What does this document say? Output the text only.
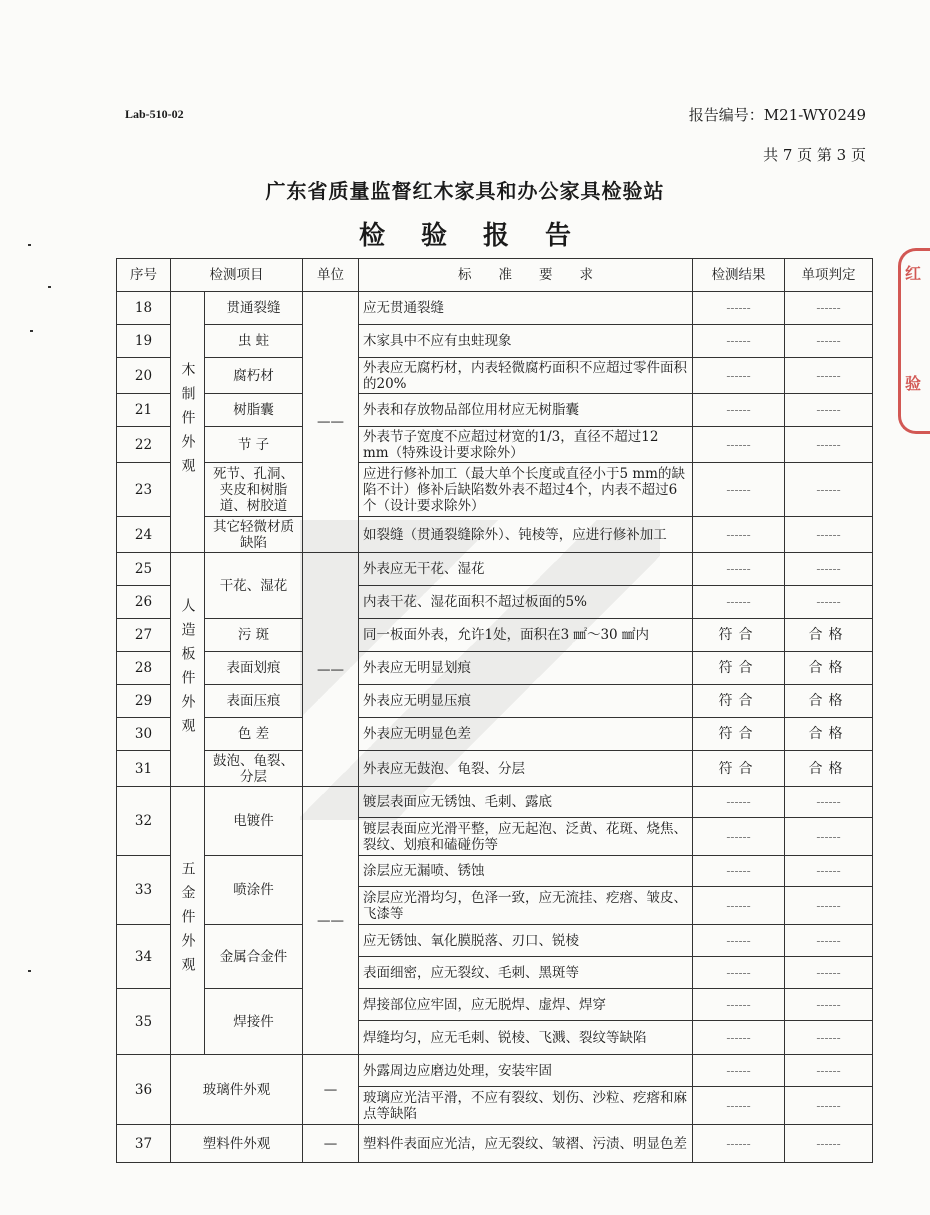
Lab-510-02	报告编号：M21-WY0249
共 7 页 第 3 页
广东省质量监督红木家具和办公家具检验站
检 验 报 告
红
验
序号	检测项目		单位	标　　准　　要　　求	检测结果	单项判定
18	木制件外观	贯通裂缝	——	应无贯通裂缝	------	------
19		虫 蛀		木家具中不应有虫蛀现象	------	------
20		腐朽材		外表应无腐朽材，内表轻微腐朽面积不应超过零件面积的20%	------	------
21		树脂囊		外表和存放物品部位用材应无树脂囊	------	------
22		节 子		外表节子宽度不应超过材宽的1/3，直径不超过12 mm（特殊设计要求除外）	------	------
23		死节、孔洞、夹皮和树脂道、树胶道		应进行修补加工（最大单个长度或直径小于5 mm的缺陷不计）修补后缺陷数外表不超过4个，内表不超过6个（设计要求除外）	------	------
24		其它轻微材质缺陷		如裂缝（贯通裂缝除外）、钝棱等，应进行修补加工	------	------
25	人造板件外观	干花、湿花	——	外表应无干花、湿花	------	------
26				内表干花、湿花面积不超过板面的5%	------	------
27		污 斑		同一板面外表，允许1处，面积在3 ㎟～30 ㎟内	符合	合格
28		表面划痕		外表应无明显划痕	符合	合格
29		表面压痕		外表应无明显压痕	符合	合格
30		色 差		外表应无明显色差	符合	合格
31		鼓泡、龟裂、分层		外表应无鼓泡、龟裂、分层	符合	合格
32	五金件外观	电镀件	——	镀层表面应无锈蚀、毛刺、露底	------	------
				镀层表面应光滑平整，应无起泡、泛黄、花斑、烧焦、裂纹、划痕和磕碰伤等	------	------
33		喷涂件		涂层应无漏喷、锈蚀	------	------
				涂层应光滑均匀，色泽一致，应无流挂、疙瘩、皱皮、飞漆等	------	------
34		金属合金件		应无锈蚀、氧化膜脱落、刃口、锐棱	------	------
				表面细密，应无裂纹、毛刺、黑斑等	------	------
35		焊接件		焊接部位应牢固，应无脱焊、虚焊、焊穿	------	------
				焊缝均匀，应无毛刺、锐棱、飞溅、裂纹等缺陷	------	------
36	玻璃件外观		—	外露周边应磨边处理，安装牢固	------	------
				玻璃应光洁平滑，不应有裂纹、划伤、沙粒、疙瘩和麻点等缺陷	------	------
37	塑料件外观		—	塑料件表面应光洁，应无裂纹、皱褶、污渍、明显色差	------	------
